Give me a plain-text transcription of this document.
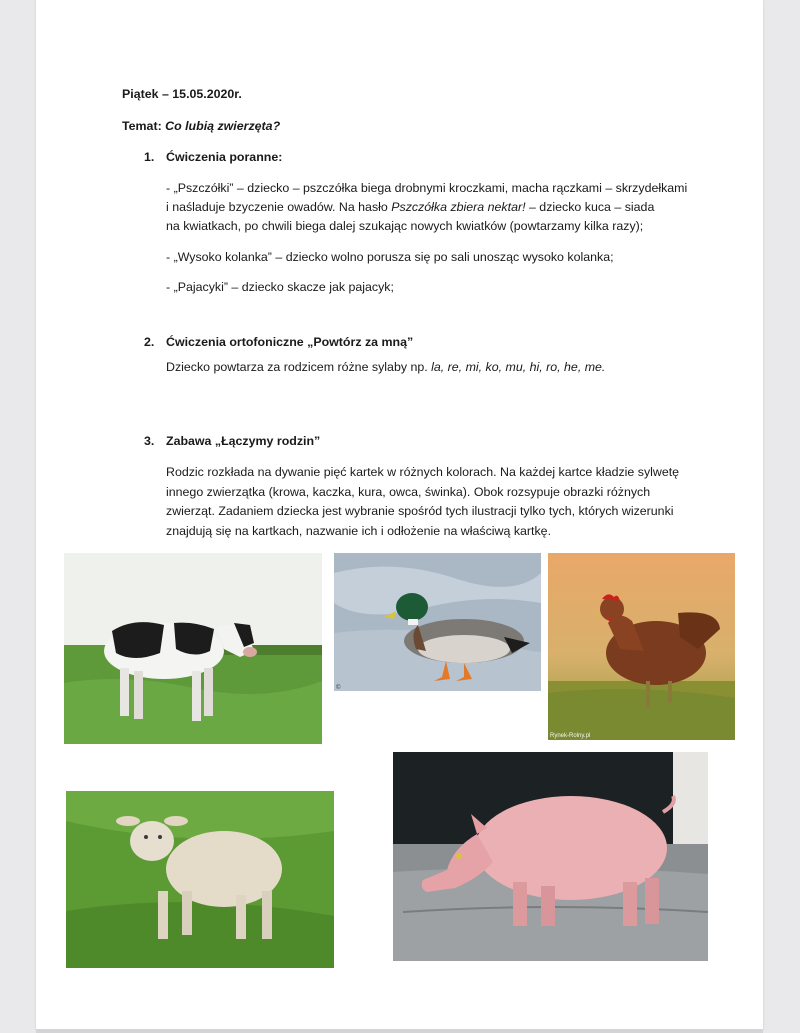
Piątek – 15.05.2020r.
Temat: Co lubią zwierzęta?
1. Ćwiczenia poranne:
- „Pszczółki” – dziecko – pszczółka biega drobnymi kroczkami, macha rączkami – skrzydełkami
i naśladuje bzyczenie owadów. Na hasło Pszczółka zbiera nektar! – dziecko kuca – siada
na kwiatkach, po chwili biega dalej szukając nowych kwiatków (powtarzamy kilka razy);
- „Wysoko kolanka” – dziecko wolno porusza się po sali unosząc wysoko kolanka;
- „Pajacyki” – dziecko skacze jak pajacyk;
2. Ćwiczenia ortofoniczne „Powtórz za mną”
Dziecko powtarza za rodzicem różne sylaby np. la, re, mi, ko, mu, hi, ro, he, me.
3. Zabawa „Łączymy rodzin”
Rodzic rozkłada na dywanie pięć kartek w różnych kolorach. Na każdej kartce kładzie sylwetę
innego zwierzątka (krowa, kaczka, kura, owca, świnka). Obok rozsypuje obrazki różnych
zwierząt. Zadaniem dziecka jest wybranie spośród tych ilustracji tylko tych, których wizerunki
znajdują się na kartkach, nazwanie ich i odłożenie na właściwą kartkę.
©
Rynek-Rolny.pl
